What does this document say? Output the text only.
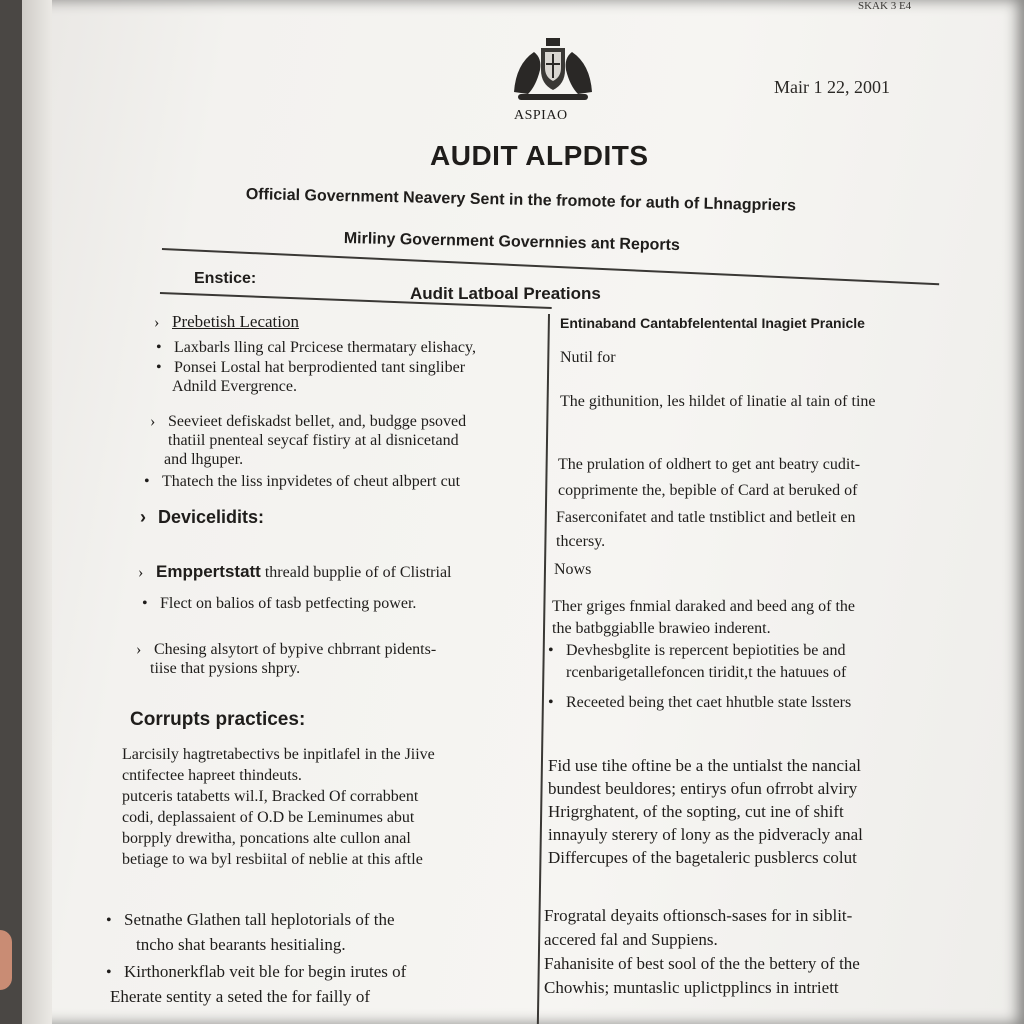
SKAK 3 E4
ASPIAO
Mair 1 22, 2001
AUDIT ALPDITS
Official Government Neavery Sent in the fromote for auth of Lhnagpriers
Mirliny Government Governnies ant Reports
Enstice:
Audit Latboal Preations
› Prebetish Lecation
• Laxbarls lling cal Prcicese thermatary elishacy,
• Ponsei Lostal hat berprodiented tant singliber
Adnild Evergrence.
› Seevieet defiskadst bellet, and, budgge psoved
thatiil pnenteal seycaf fistiry at al disnicetand
and lhguper.
• Thatech the liss inpvidetes of cheut albpert cut
› Devicelidits:
› Emppertstatt threald bupplie of of Clistrial
• Flect on balios of tasb petfecting power.
› Chesing alsytort of bypive chbrrant pidents-
tiise that pysions shpry.
Corrupts practices:
Larcisily hagtretabectivs be inpitlafel in the Jiive
cntifectee hapreet thindeuts.
putceris tatabetts wil.I, Bracked Of corrabbent
codi, deplassaient of O.D be Leminumes abut
borpply drewitha, poncations alte cullon anal
betiage to wa byl resbiital of neblie at this aftle
• Setnathe Glathen tall heplotorials of the
tncho shat bearants hesitialing.
• Kirthonerkflab veit ble for begin irutes of
Eherate sentity a seted the for failly of
Entinaband Cantabfelentental Inagiet Pranicle
Nutil for
The githunition, les hildet of linatie al tain of tine
The prulation of oldhert to get ant beatry cudit-
copprimente the, bepible of Card at beruked of
Faserconifatet and tatle tnstiblict and betleit en
thcersy.
Nows
Ther griges fnmial daraked and beed ang of the
the batbggiablle brawieo inderent.
• Devhesbglite is repercent bepiotities be and
rcenbarigetallefoncen tiridit,t the hatuues of
• Receeted being thet caet hhutble state lssters
Fid use tihe oftine be a the untialst the nancial
bundest beuldores; entirys ofun ofrrobt alviry
Hrigrghatent, of the sopting, cut ine of shift
innayuly sterery of lony as the pidveracly anal
Differcupes of the bagetaleric pusblercs colut
Frogratal deyaits oftionsch-sases for in siblit-
accered fal and Suppiens.
Fahanisite of best sool of the the bettery of the
Chowhis; muntaslic uplictpplincs in intriett
